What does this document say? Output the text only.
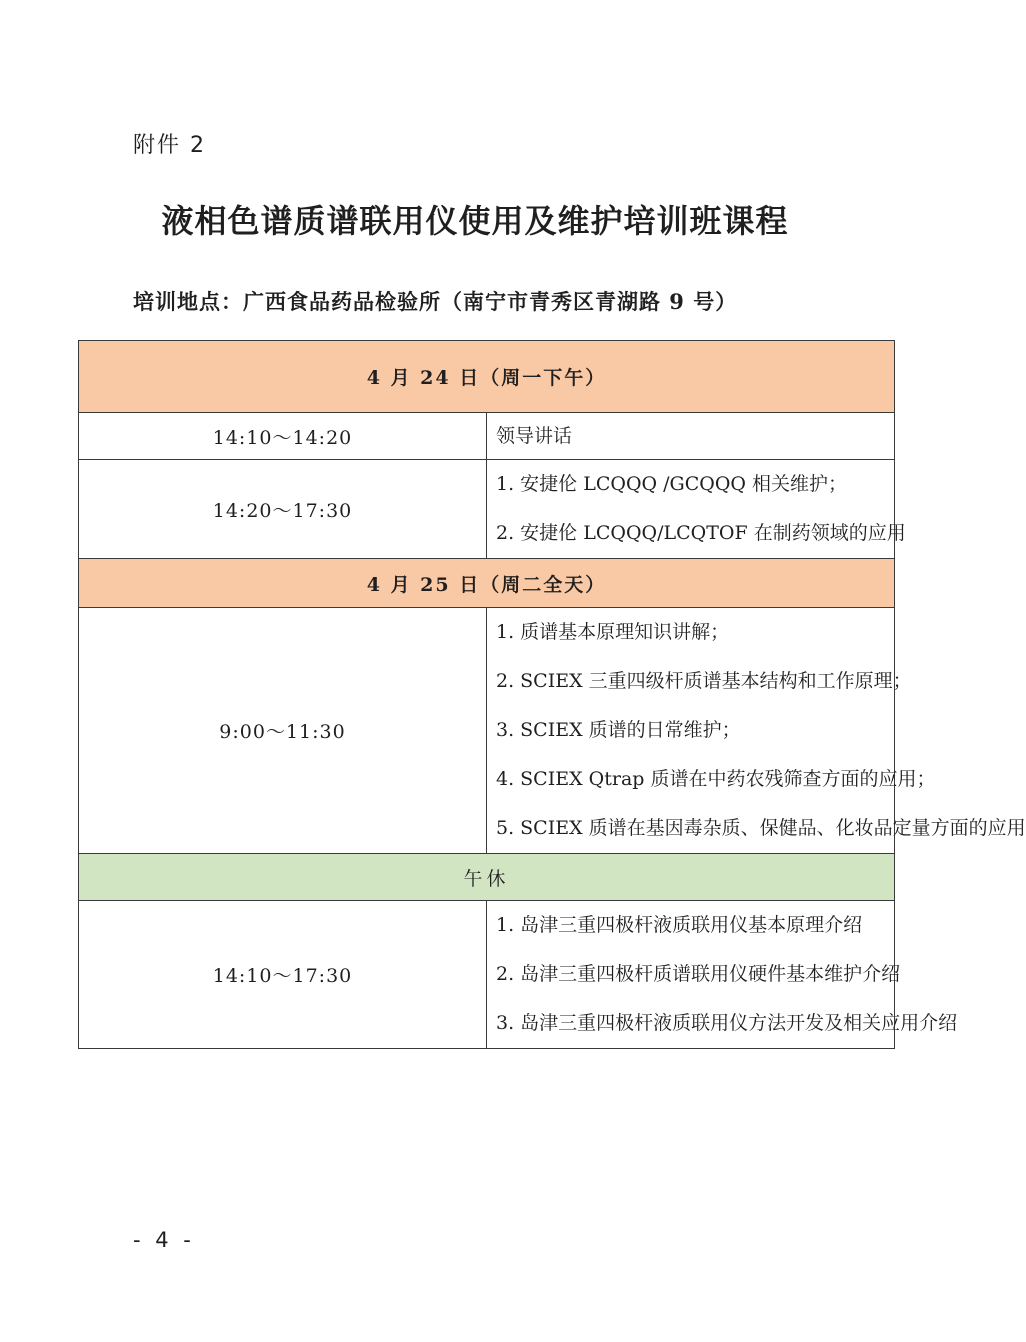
附件 2
液相色谱质谱联用仪使用及维护培训班课程
培训地点：广西食品药品检验所（南宁市青秀区青湖路 9 号）
4 月 24 日（周一下午）	
14:10～14:20	领导讲话

14:20～17:30	1. 安捷伦 LCQQQ /GCQQQ 相关维护；
2. 安捷伦 LCQQQ/LCQTOF 在制药领域的应用

4 月 25 日（周二全天）	
9:00～11:30	1. 质谱基本原理知识讲解；
2. SCIEX 三重四级杆质谱基本结构和工作原理；
3. SCIEX 质谱的日常维护；
4. SCIEX Qtrap 质谱在中药农残筛查方面的应用；
5. SCIEX 质谱在基因毒杂质、保健品、化妆品定量方面的应用

午休	
14:10～17:30	1. 岛津三重四极杆液质联用仪基本原理介绍
2. 岛津三重四极杆质谱联用仪硬件基本维护介绍
3. 岛津三重四极杆液质联用仪方法开发及相关应用介绍
- 4 -
